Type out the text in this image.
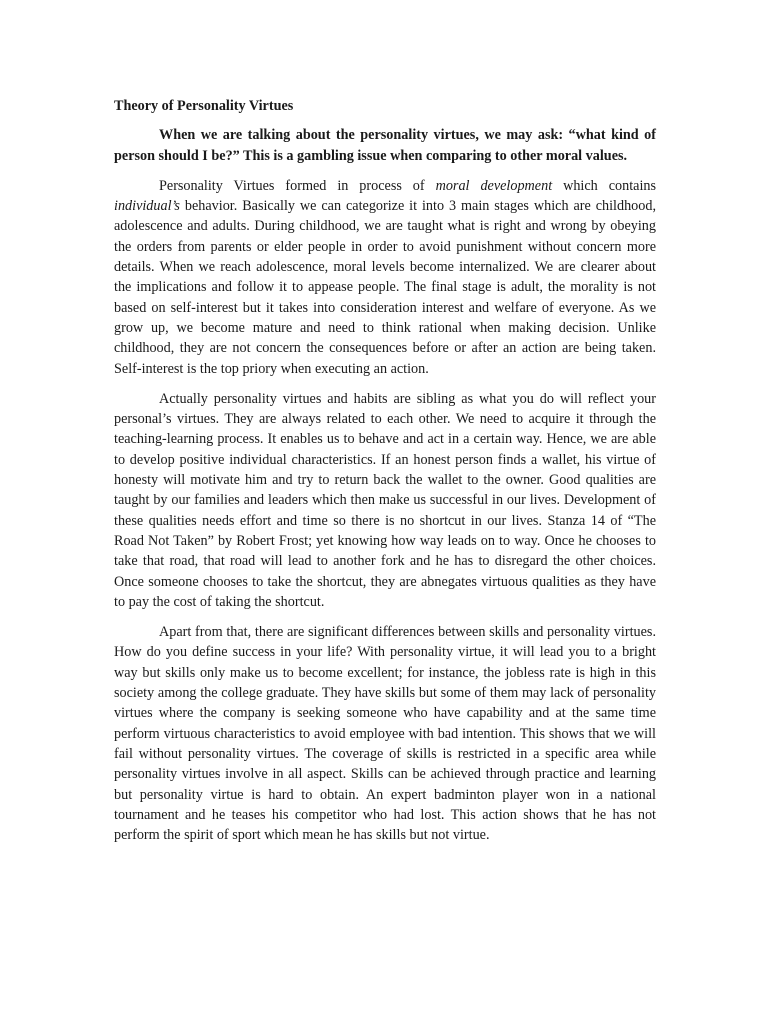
Theory of Personality Virtues

When we are talking about the personality virtues, we may ask: “what kind of person should I be?” This is a gambling issue when comparing to other moral values.

Personality Virtues formed in process of moral development which contains individual’s behavior. Basically we can categorize it into 3 main stages which are childhood, adolescence and adults. During childhood, we are taught what is right and wrong by obeying the orders from parents or elder people in order to avoid punishment without concern more details. When we reach adolescence, moral levels become internalized. We are clearer about the implications and follow it to appease people. The final stage is adult, the morality is not based on self-interest but it takes into consideration interest and welfare of everyone. As we grow up, we become mature and need to think rational when making decision. Unlike childhood, they are not concern the consequences before or after an action are being taken. Self-interest is the top priory when executing an action.

Actually personality virtues and habits are sibling as what you do will reflect your personal’s virtues. They are always related to each other. We need to acquire it through the teaching-learning process. It enables us to behave and act in a certain way. Hence, we are able to develop positive individual characteristics. If an honest person finds a wallet, his virtue of honesty will motivate him and try to return back the wallet to the owner. Good qualities are taught by our families and leaders which then make us successful in our lives. Development of these qualities needs effort and time so there is no shortcut in our lives. Stanza 14 of “The Road Not Taken” by Robert Frost; yet knowing how way leads on to way. Once he chooses to take that road, that road will lead to another fork and he has to disregard the other choices. Once someone chooses to take the shortcut, they are abnegates virtuous qualities as they have to pay the cost of taking the shortcut.

Apart from that, there are significant differences between skills and personality virtues. How do you define success in your life? With personality virtue, it will lead you to a bright way but skills only make us to become excellent; for instance, the jobless rate is high in this society among the college graduate. They have skills but some of them may lack of personality virtues where the company is seeking someone who have capability and at the same time perform virtuous characteristics to avoid employee with bad intention. This shows that we will fail without personality virtues. The coverage of skills is restricted in a specific area while personality virtues involve in all aspect. Skills can be achieved through practice and learning but personality virtue is hard to obtain. An expert badminton player won in a national tournament and he teases his competitor who had lost. This action shows that he has not perform the spirit of sport which mean he has skills but not virtue.
